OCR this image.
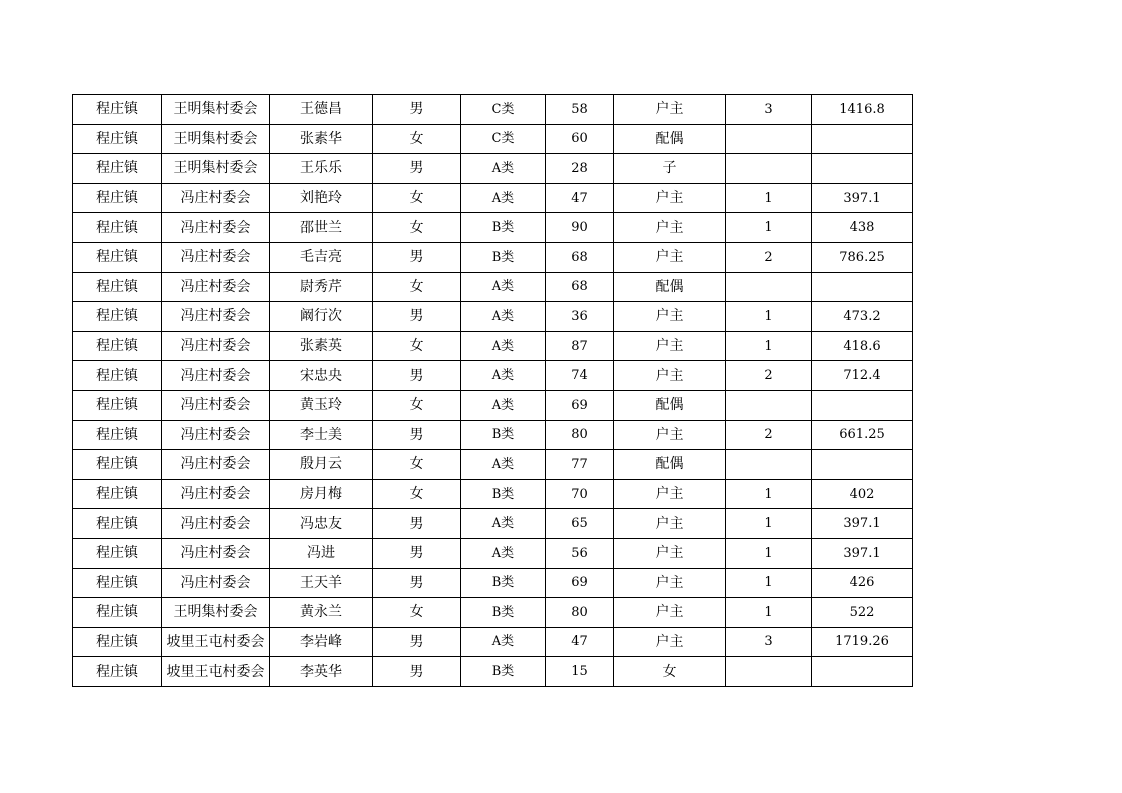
程庄镇	王明集村委会	王德昌	男	C类	58	户主	3	1416.8
程庄镇	王明集村委会	张素华	女	C类	60	配偶		
程庄镇	王明集村委会	王乐乐	男	A类	28	子		
程庄镇	冯庄村委会	刘艳玲	女	A类	47	户主	1	397.1
程庄镇	冯庄村委会	邵世兰	女	B类	90	户主	1	438
程庄镇	冯庄村委会	毛吉亮	男	B类	68	户主	2	786.25
程庄镇	冯庄村委会	尉秀芹	女	A类	68	配偶		
程庄镇	冯庄村委会	阚行次	男	A类	36	户主	1	473.2
程庄镇	冯庄村委会	张素英	女	A类	87	户主	1	418.6
程庄镇	冯庄村委会	宋忠央	男	A类	74	户主	2	712.4
程庄镇	冯庄村委会	黄玉玲	女	A类	69	配偶		
程庄镇	冯庄村委会	李士美	男	B类	80	户主	2	661.25
程庄镇	冯庄村委会	殷月云	女	A类	77	配偶		
程庄镇	冯庄村委会	房月梅	女	B类	70	户主	1	402
程庄镇	冯庄村委会	冯忠友	男	A类	65	户主	1	397.1
程庄镇	冯庄村委会	冯进	男	A类	56	户主	1	397.1
程庄镇	冯庄村委会	王天羊	男	B类	69	户主	1	426
程庄镇	王明集村委会	黄永兰	女	B类	80	户主	1	522
程庄镇	坡里王屯村委会	李岩峰	男	A类	47	户主	3	1719.26
程庄镇	坡里王屯村委会	李英华	男	B类	15	女		
